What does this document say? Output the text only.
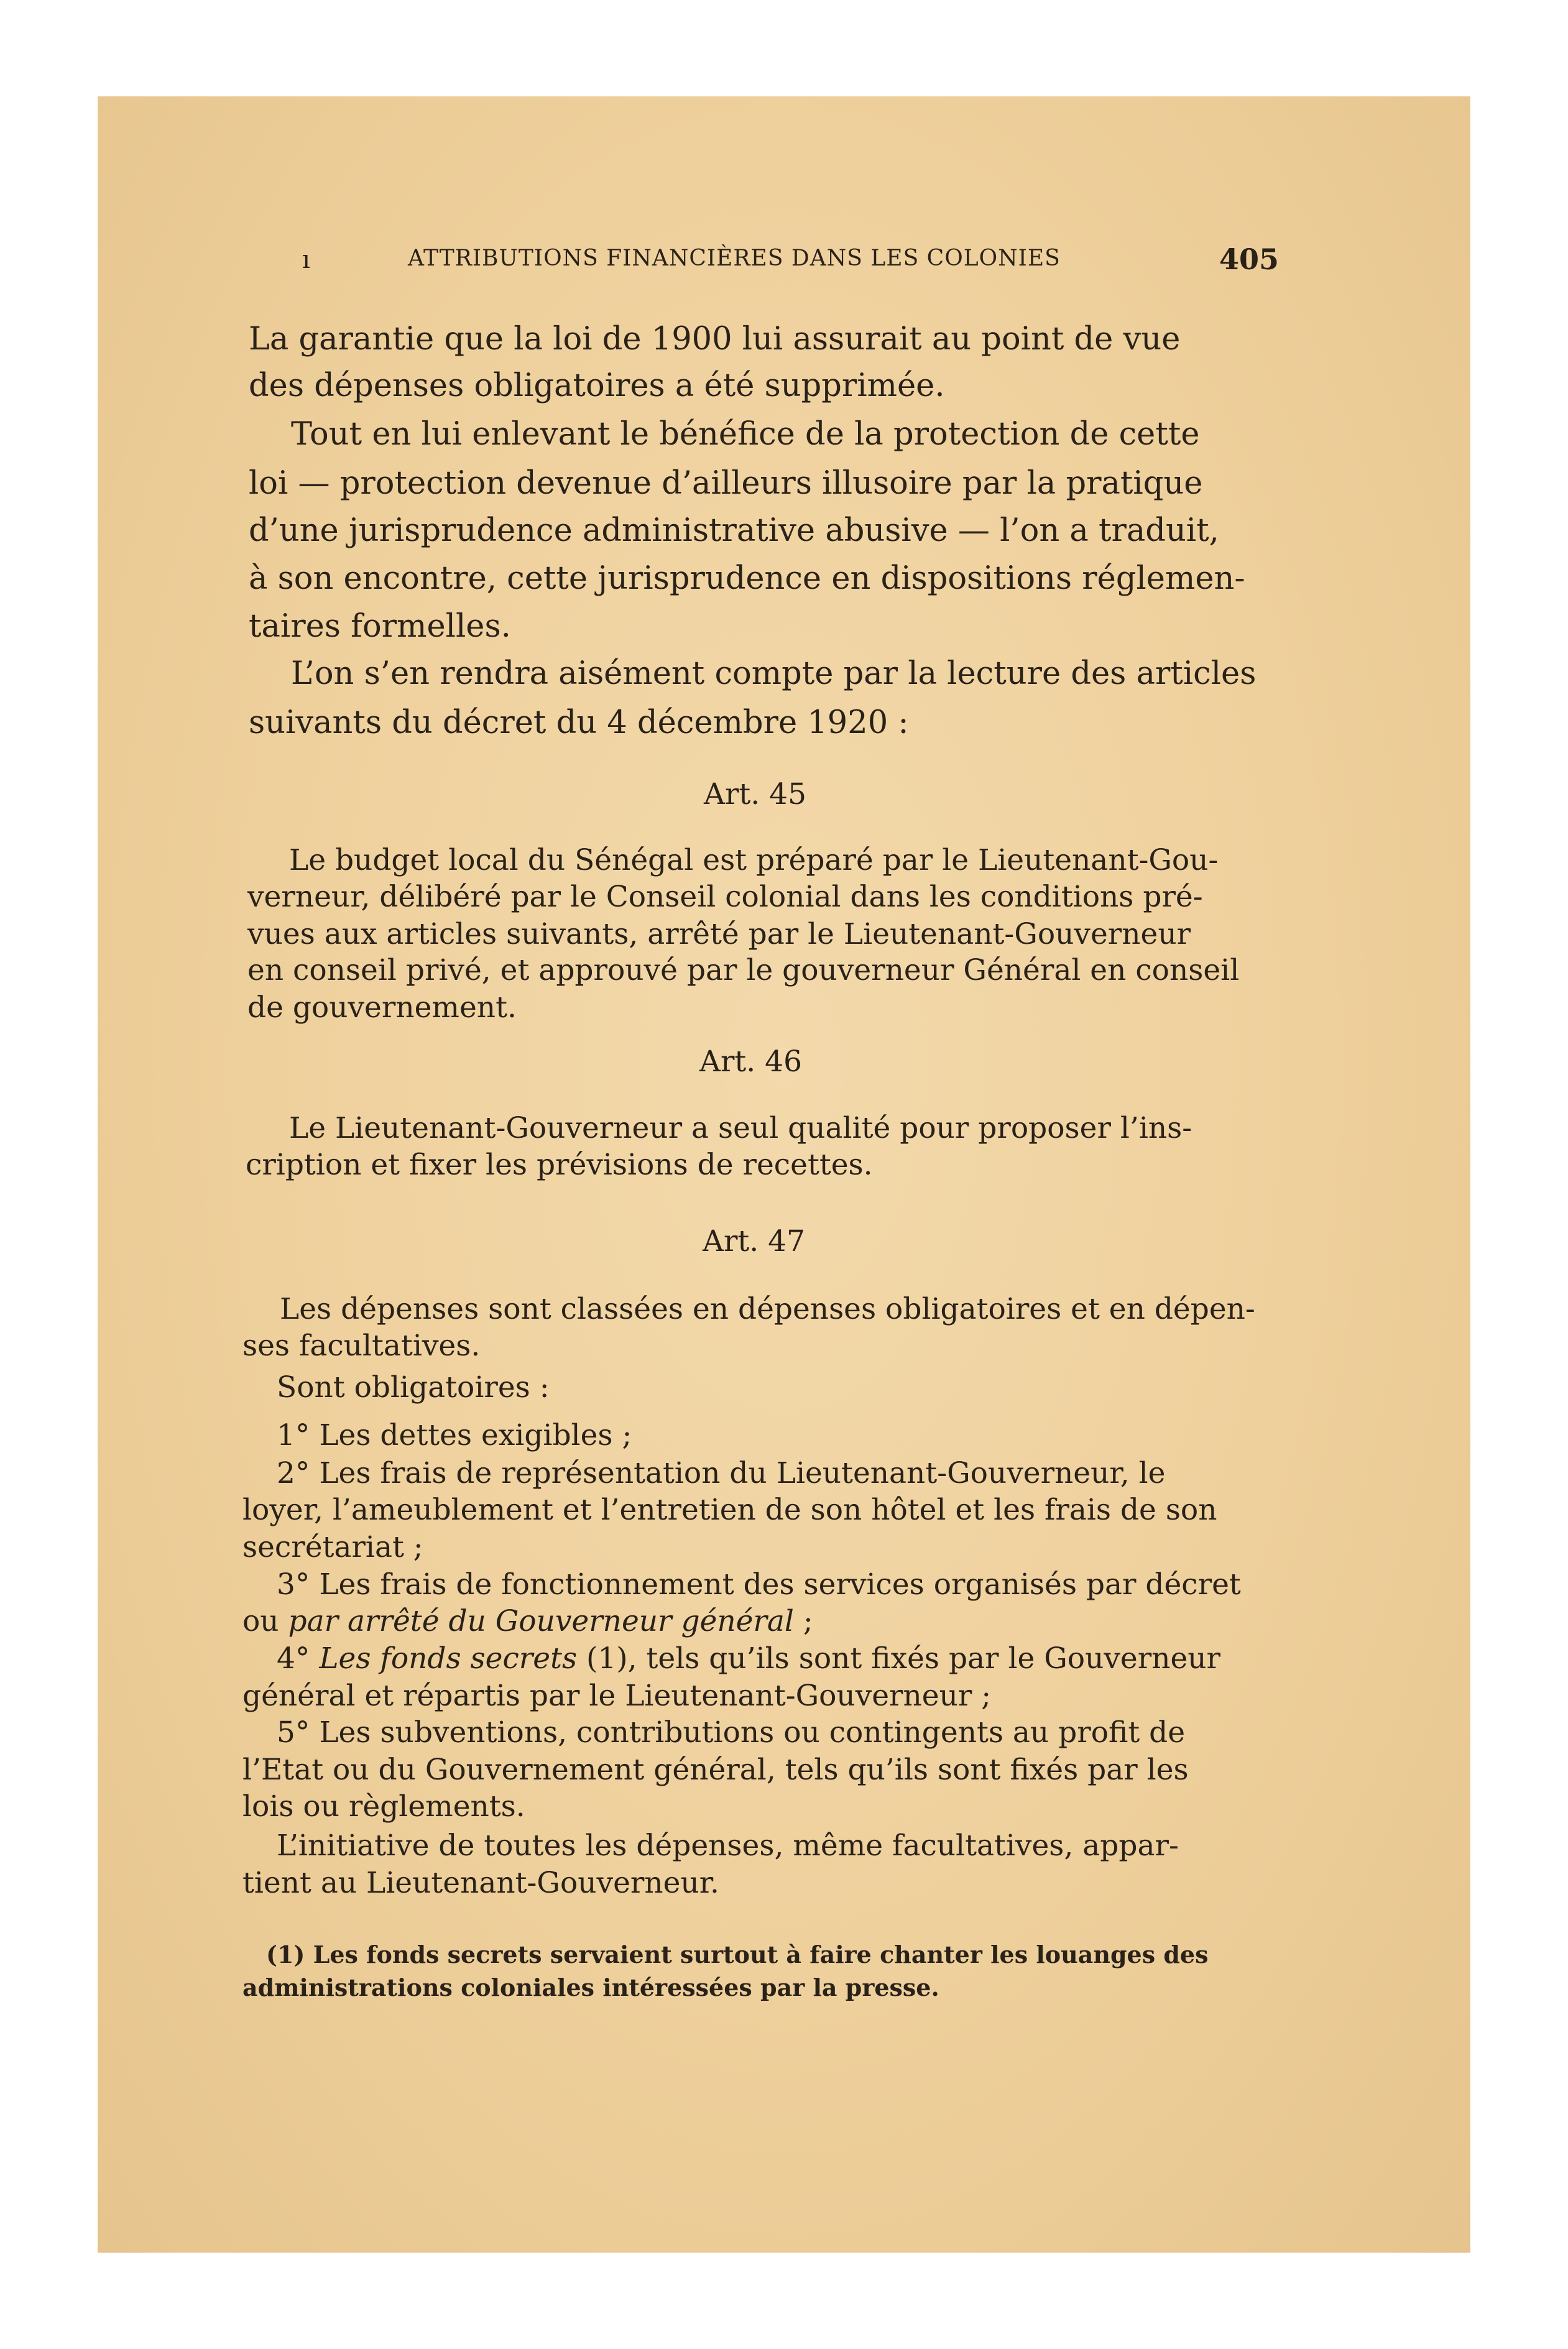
ı	ATTRIBUTIONS FINANCIÈRES DANS LES COLONIES	405
La garantie que la loi de 1900 lui assurait au point de vue
des dépenses obligatoires a été supprimée.
Tout en lui enlevant le bénéfice de la protection de cette
loi — protection devenue d’ailleurs illusoire par la pratique
d’une jurisprudence administrative abusive — l’on a traduit,
à son encontre, cette jurisprudence en dispositions réglemen-
taires formelles.
L’on s’en rendra aisément compte par la lecture des articles
suivants du décret du 4 décembre 1920 :
Art. 45
Le budget local du Sénégal est préparé par le Lieutenant-Gou-
verneur, délibéré par le Conseil colonial dans les conditions pré-
vues aux articles suivants, arrêté par le Lieutenant-Gouverneur
en conseil privé, et approuvé par le gouverneur Général en conseil
de gouvernement.
Art. 46
Le Lieutenant-Gouverneur a seul qualité pour proposer l’ins-
cription et fixer les prévisions de recettes.
Art. 47
Les dépenses sont classées en dépenses obligatoires et en dépen-
ses facultatives.
Sont obligatoires :
1° Les dettes exigibles ;
2° Les frais de représentation du Lieutenant-Gouverneur, le
loyer, l’ameublement et l’entretien de son hôtel et les frais de son
secrétariat ;
3° Les frais de fonctionnement des services organisés par décret
ou par arrêté du Gouverneur général ;
4° Les fonds secrets (1), tels qu’ils sont fixés par le Gouverneur
général et répartis par le Lieutenant-Gouverneur ;
5° Les subventions, contributions ou contingents au profit de
l’Etat ou du Gouvernement général, tels qu’ils sont fixés par les
lois ou règlements.
L’initiative de toutes les dépenses, même facultatives, appar-
tient au Lieutenant-Gouverneur.
(1) Les fonds secrets servaient surtout à faire chanter les louanges des
administrations coloniales intéressées par la presse.
